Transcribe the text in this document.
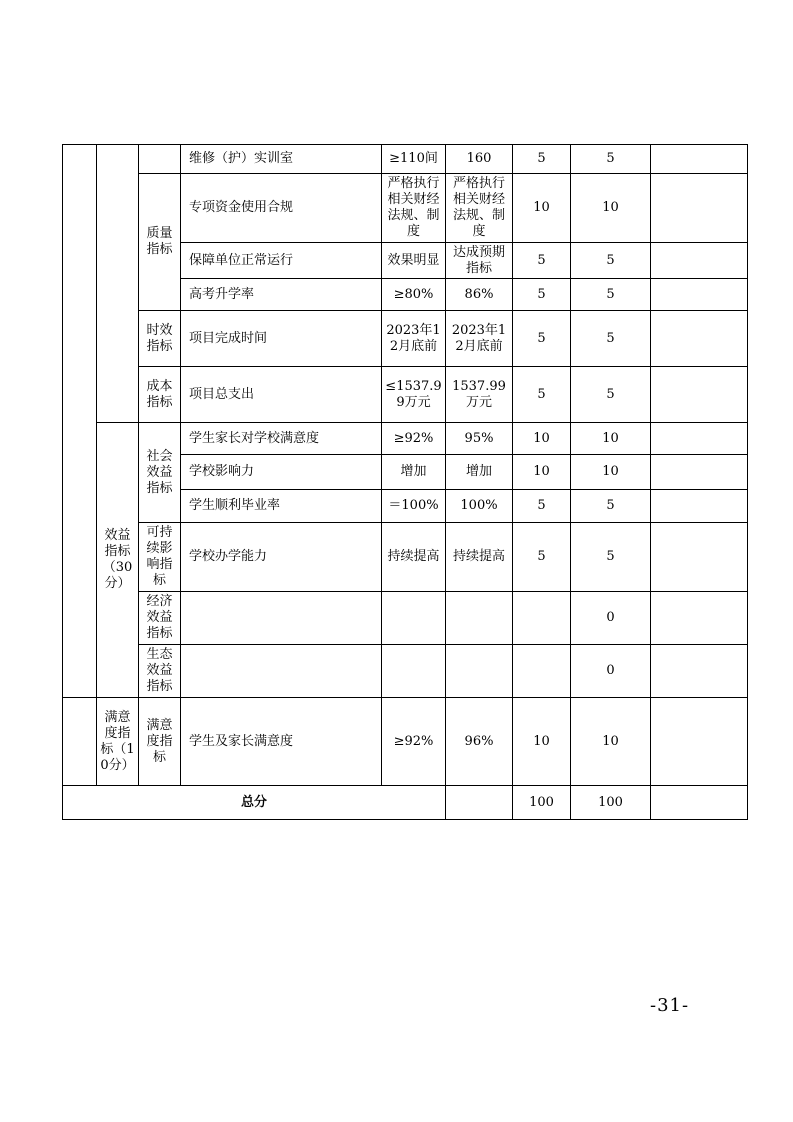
			维修（护）实训室	≥110间	160	5	5	
		质量指标	专项资金使用合规	严格执行相关财经法规、制度	严格执行相关财经法规、制度	10	10	
			保障单位正常运行	效果明显	达成预期指标	5	5	
			高考升学率	≥80%	86%	5	5	
		时效指标	项目完成时间	2023年12月底前	2023年12月底前	5	5	
		成本指标	项目总支出	≤1537.99万元	1537.99万元	5	5	
	效益指标（30分）	社会效益指标	学生家长对学校满意度	≥92%	95%	10	10	
			学校影响力	增加	增加	10	10	
			学生顺利毕业率	＝100%	100%	5	5	
		可持续影响指标	学校办学能力	持续提高	持续提高	5	5	
		经济效益指标					0	
		生态效益指标					0	
	满意度指标（10分）	满意度指标	学生及家长满意度	≥92%	96%	10	10	
总分						100	100	
-31-
